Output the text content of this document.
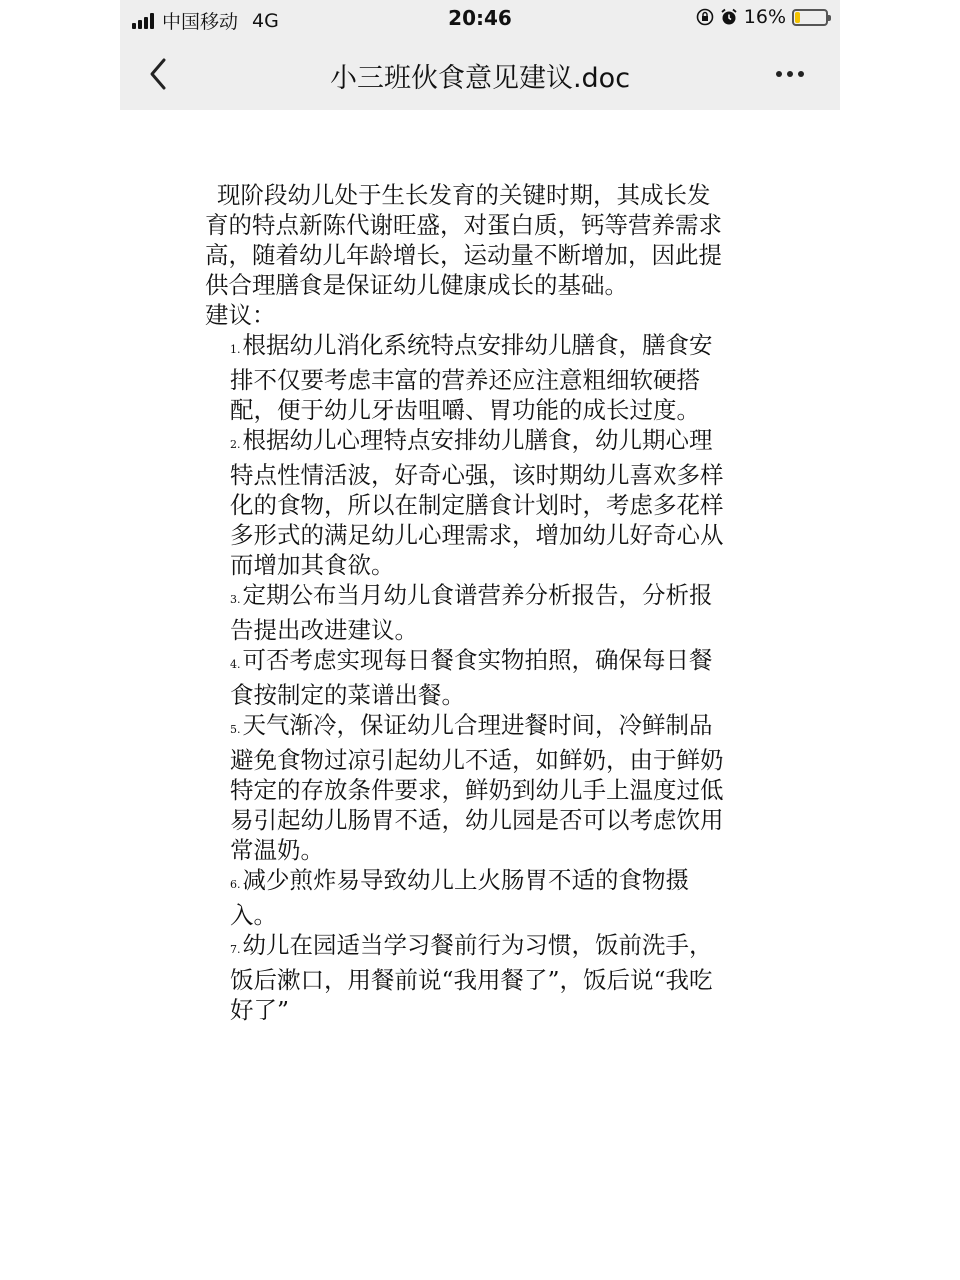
中国移动 4G	20:46	16%
小三班伙食意见建议.doc

现阶段幼儿处于生长发育的关键时期，其成长发育的特点新陈代谢旺盛，对蛋白质，钙等营养需求高，随着幼儿年龄增长，运动量不断增加，因此提供合理膳食是保证幼儿健康成长的基础。

建议：

1.根据幼儿消化系统特点安排幼儿膳食，膳食安排不仅要考虑丰富的营养还应注意粗细软硬搭配，便于幼儿牙齿咀嚼、胃功能的成长过度。

2.根据幼儿心理特点安排幼儿膳食，幼儿期心理特点性情活波，好奇心强，该时期幼儿喜欢多样化的食物，所以在制定膳食计划时，考虑多花样多形式的满足幼儿心理需求，增加幼儿好奇心从而增加其食欲。

3.定期公布当月幼儿食谱营养分析报告，分析报告提出改进建议。

4.可否考虑实现每日餐食实物拍照，确保每日餐食按制定的菜谱出餐。

5.天气渐冷，保证幼儿合理进餐时间，冷鲜制品避免食物过凉引起幼儿不适，如鲜奶，由于鲜奶特定的存放条件要求，鲜奶到幼儿手上温度过低易引起幼儿肠胃不适，幼儿园是否可以考虑饮用常温奶。

6.减少煎炸易导致幼儿上火肠胃不适的食物摄入。

7.幼儿在园适当学习餐前行为习惯，饭前洗手，饭后漱口，用餐前说“我用餐了”，饭后说“我吃好了”
